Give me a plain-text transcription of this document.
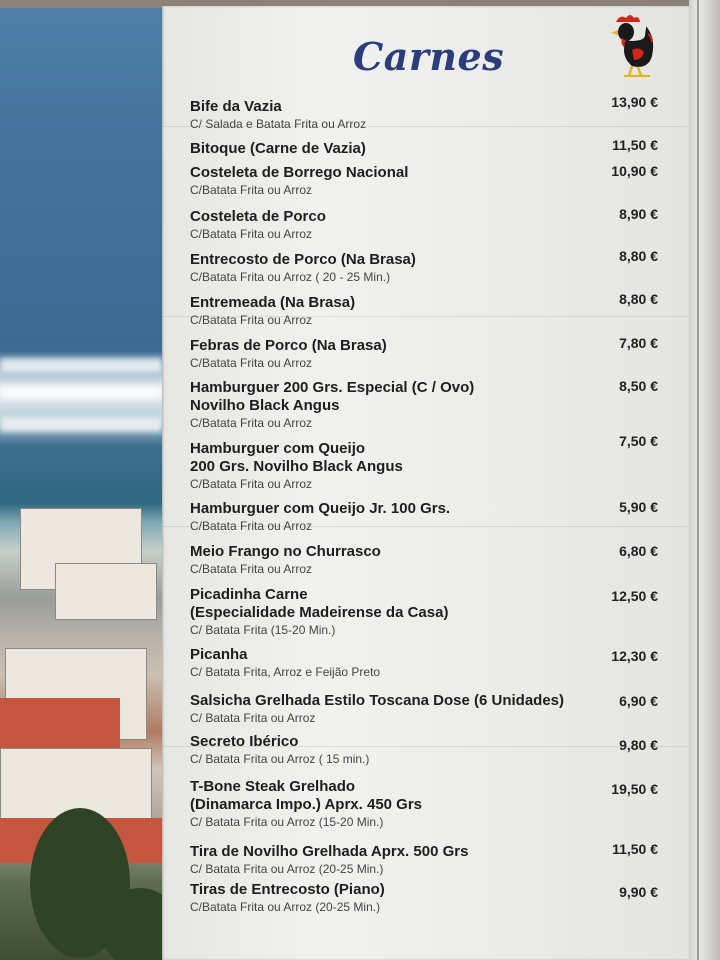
Carnes
Bife da Vazia
C/ Salada e Batata Frita ou Arroz
13,90 €
Bitoque (Carne de Vazia)	11,50 €
Costeleta de Borrego Nacional
C/Batata Frita ou Arroz
10,90 €
Costeleta de Porco
C/Batata Frita ou Arroz
8,90 €
Entrecosto de Porco (Na Brasa)
C/Batata Frita ou Arroz ( 20 - 25 Min.)
8,80 €
Entremeada (Na Brasa)
C/Batata Frita ou Arroz
8,80 €
Febras de Porco (Na Brasa)
C/Batata Frita ou Arroz
7,80 €
Hamburguer 200 Grs. Especial (C / Ovo)
Novilho Black Angus
C/Batata Frita ou Arroz
8,50 €
Hamburguer com Queijo
200 Grs. Novilho Black Angus
C/Batata Frita ou Arroz
7,50 €
Hamburguer com Queijo Jr. 100 Grs.
C/Batata Frita ou Arroz
5,90 €
Meio Frango no Churrasco
C/Batata Frita ou Arroz
6,80 €
Picadinha Carne
(Especialidade Madeirense da Casa)
C/ Batata Frita (15-20 Min.)
12,50 €
Picanha
C/ Batata Frita, Arroz e Feijão Preto
12,30 €
Salsicha Grelhada Estilo Toscana Dose (6 Unidades)
C/ Batata Frita ou Arroz
6,90 €
Secreto Ibérico
C/ Batata Frita ou Arroz ( 15 min.)
9,80 €
T-Bone Steak Grelhado
(Dinamarca Impo.) Aprx. 450 Grs
C/ Batata Frita ou Arroz (15-20 Min.)
19,50 €
Tira de Novilho Grelhada Aprx. 500 Grs
C/ Batata Frita ou Arroz (20-25 Min.)
11,50 €
Tiras de Entrecosto (Piano)
C/Batata Frita ou Arroz (20-25 Min.)
9,90 €
